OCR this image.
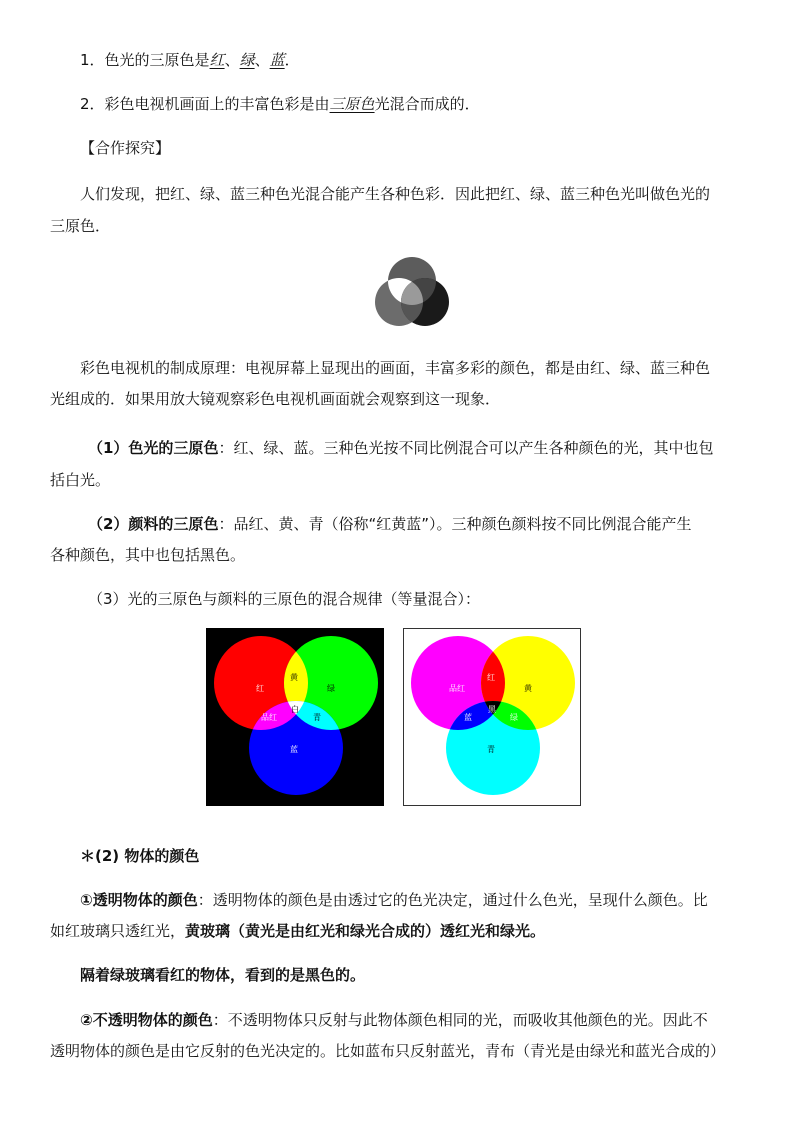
1．色光的三原色是红、绿、蓝．
2．彩色电视机画面上的丰富色彩是由三原色光混合而成的．
【合作探究】
人们发现，把红、绿、蓝三种色光混合能产生各种色彩．因此把红、绿、蓝三种色光叫做色光的
三原色．
彩色电视机的制成原理：电视屏幕上显现出的画面，丰富多彩的颜色，都是由红、绿、蓝三种色
光组成的．如果用放大镜观察彩色电视机画面就会观察到这一现象．
（1）色光的三原色：红、绿、蓝。三种色光按不同比例混合可以产生各种颜色的光，其中也包
括白光。
（2）颜料的三原色：品红、黄、青（俗称“红黄蓝”）。三种颜色颜料按不同比例混合能产生
各种颜色，其中也包括黑色。
（3）光的三原色与颜料的三原色的混合规律（等量混合）：
红
黄
绿
品红
白
青
蓝
品红
红
黄
蓝
黑
绿
青
＊(2) 物体的颜色
①透明物体的颜色：透明物体的颜色是由透过它的色光决定，通过什么色光，呈现什么颜色。比
如红玻璃只透红光，黄玻璃（黄光是由红光和绿光合成的）透红光和绿光。
隔着绿玻璃看红的物体，看到的是黑色的。
②不透明物体的颜色：不透明物体只反射与此物体颜色相同的光，而吸收其他颜色的光。因此不
透明物体的颜色是由它反射的色光决定的。比如蓝布只反射蓝光，青布（青光是由绿光和蓝光合成的）
